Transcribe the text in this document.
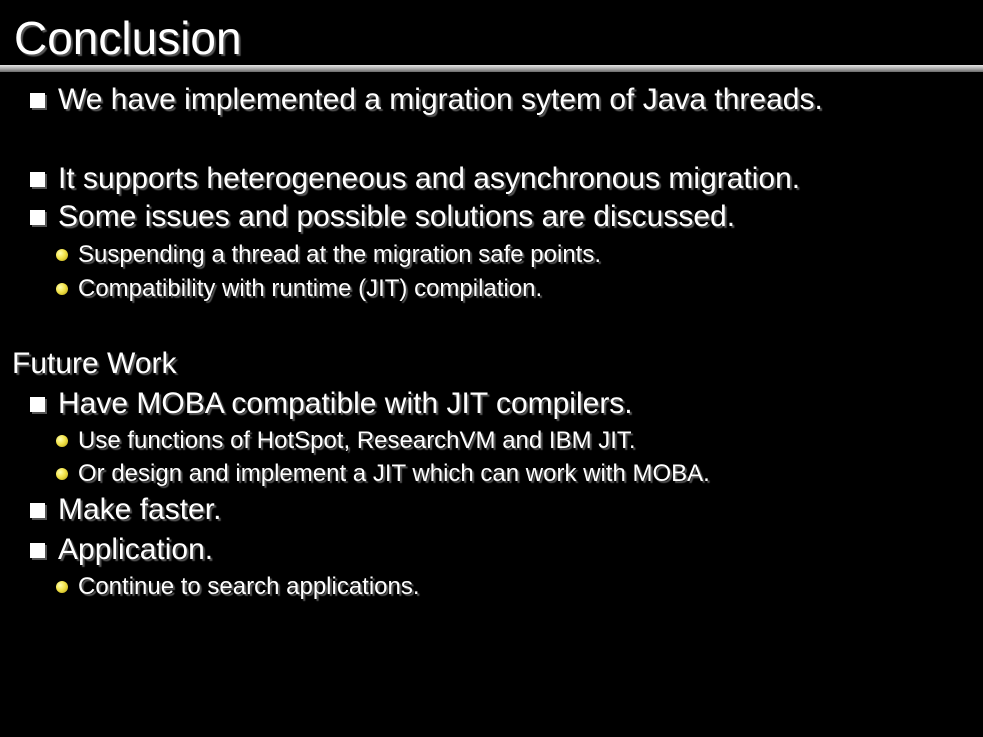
Conclusion
We have implemented a migration sytem of Java threads.
It supports heterogeneous and asynchronous migration.
Some issues and possible solutions are discussed.
Suspending a thread at the migration safe points.
Compatibility with runtime (JIT) compilation.
Future Work
Have MOBA compatible with JIT compilers.
Use functions of HotSpot, ResearchVM and IBM JIT.
Or design and implement a JIT which can work with MOBA.
Make faster.
Application.
Continue to search applications.
